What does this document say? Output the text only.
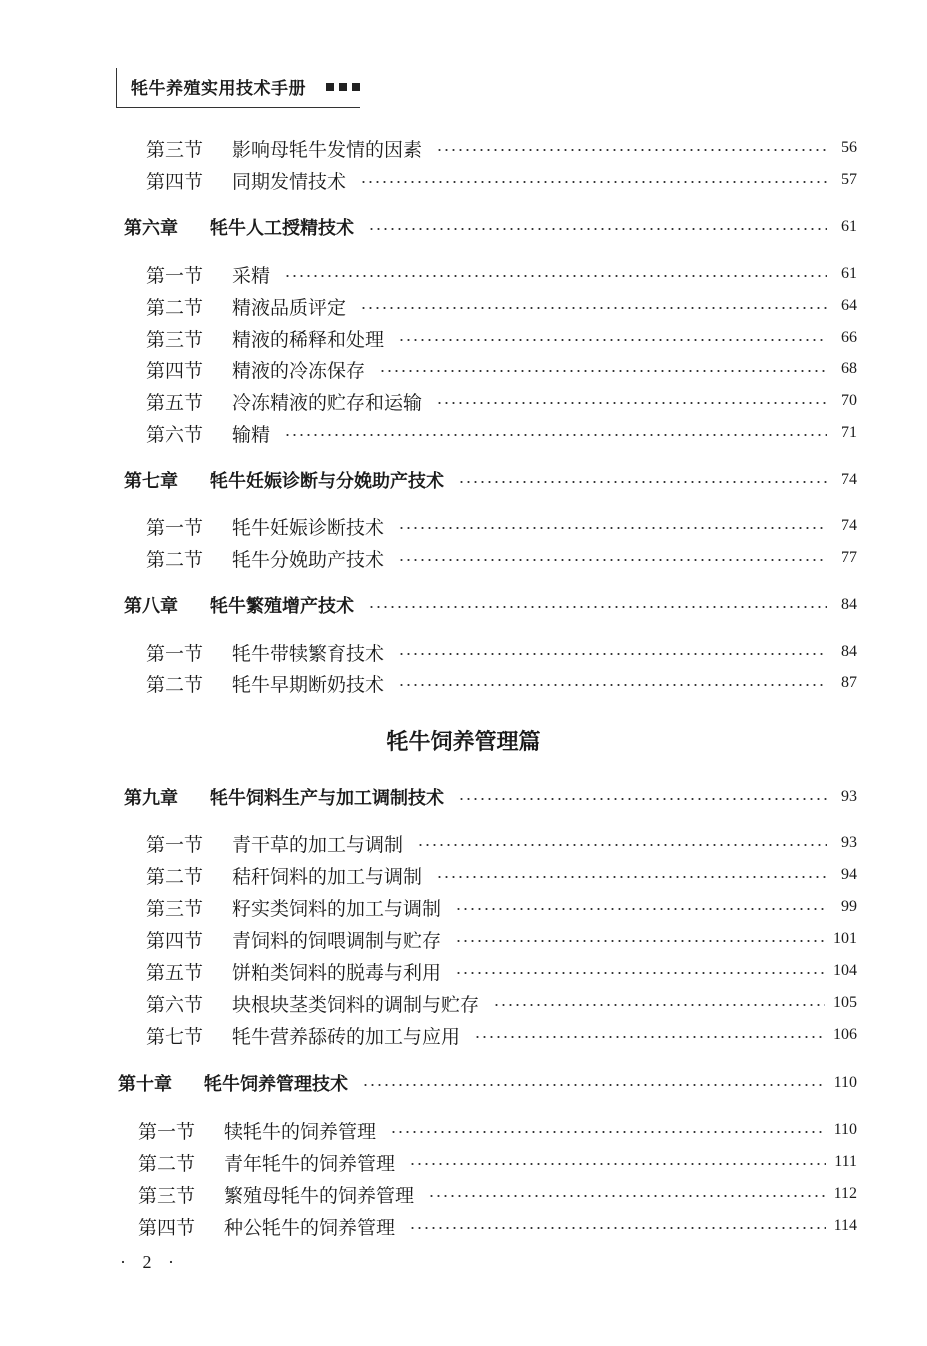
牦牛养殖实用技术手册
第三节 影响母牦牛发情的因素	56
第四节 同期发情技术	57
第六章 牦牛人工授精技术	61
第一节 采精	61
第二节 精液品质评定	64
第三节 精液的稀释和处理	66
第四节 精液的冷冻保存	68
第五节 冷冻精液的贮存和运输	70
第六节 输精	71
第七章 牦牛妊娠诊断与分娩助产技术	74
第一节 牦牛妊娠诊断技术	74
第二节 牦牛分娩助产技术	77
第八章 牦牛繁殖增产技术	84
第一节 牦牛带犊繁育技术	84
第二节 牦牛早期断奶技术	87
第九章 牦牛饲料生产与加工调制技术	93
第一节 青干草的加工与调制	93
第二节 秸秆饲料的加工与调制	94
第三节 籽实类饲料的加工与调制	99
第四节 青饲料的饲喂调制与贮存	101
第五节 饼粕类饲料的脱毒与利用	104
第六节 块根块茎类饲料的调制与贮存	105
第七节 牦牛营养舔砖的加工与应用	106
第十章 牦牛饲养管理技术	110
第一节 犊牦牛的饲养管理	110
第二节 青年牦牛的饲养管理	111
第三节 繁殖母牦牛的饲养管理	112
第四节 种公牦牛的饲养管理	114
牦牛饲养管理篇
· 2 ·
